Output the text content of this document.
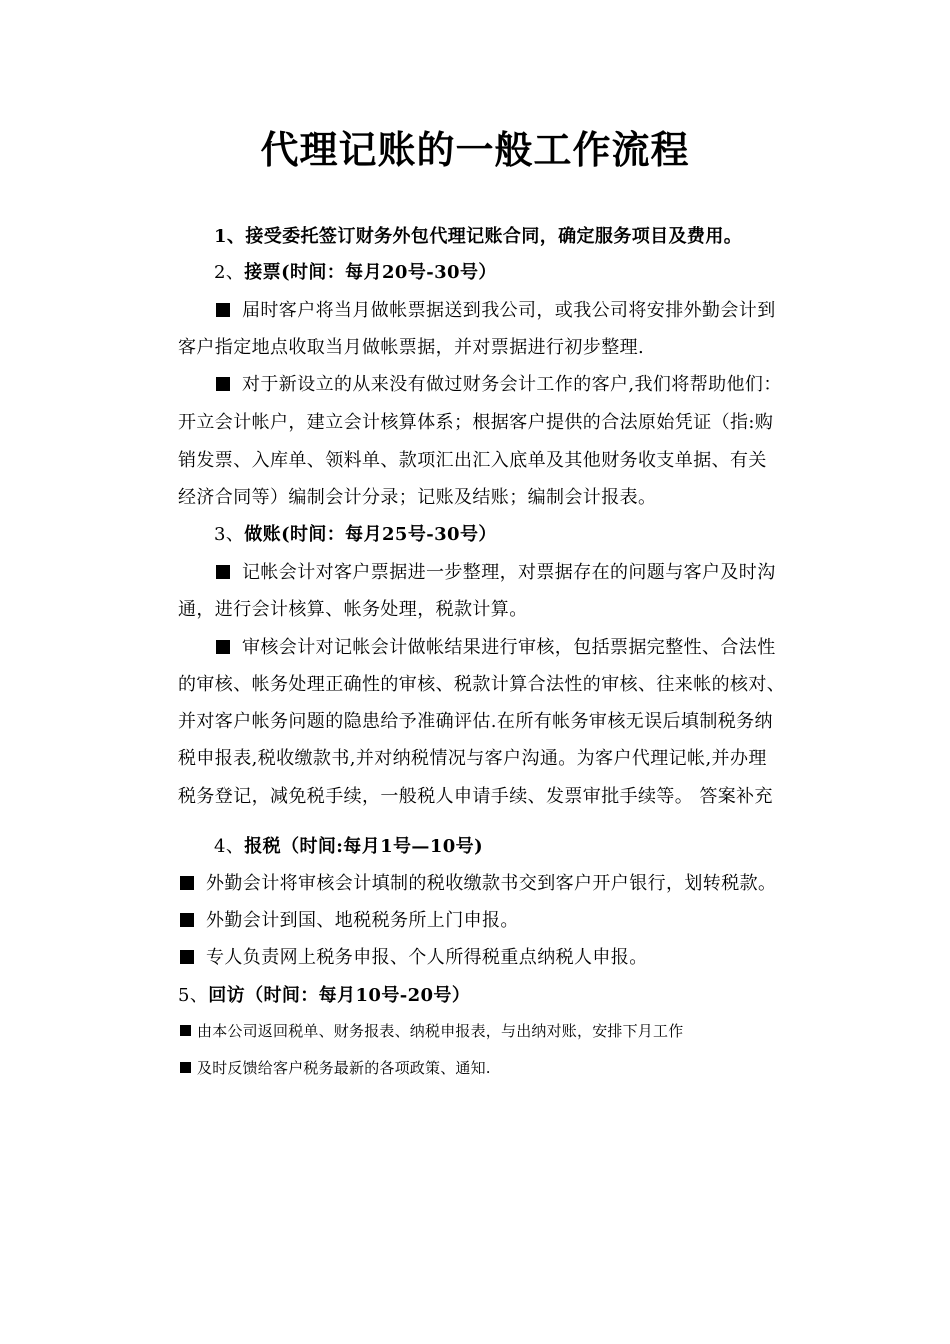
代理记账的一般工作流程
1、接受委托签订财务外包代理记账合同，确定服务项目及费用。
2、接票(时间：每月20号-30号）
届时客户将当月做帐票据送到我公司，或我公司将安排外勤会计到
客户指定地点收取当月做帐票据，并对票据进行初步整理.
对于新设立的从来没有做过财务会计工作的客户,我们将帮助他们：
开立会计帐户，建立会计核算体系；根据客户提供的合法原始凭证（指:购
销发票、入库单、领料单、款项汇出汇入底单及其他财务收支单据、有关
经济合同等）编制会计分录；记账及结账；编制会计报表。
3、做账(时间：每月25号-30号）
记帐会计对客户票据进一步整理，对票据存在的问题与客户及时沟
通，进行会计核算、帐务处理，税款计算。
审核会计对记帐会计做帐结果进行审核，包括票据完整性、合法性
的审核、帐务处理正确性的审核、税款计算合法性的审核、往来帐的核对、
并对客户帐务问题的隐患给予准确评估.在所有帐务审核无误后填制税务纳
税申报表,税收缴款书,并对纳税情况与客户沟通。为客户代理记帐,并办理
税务登记，减免税手续，一般税人申请手续、发票审批手续等。 答案补充
4、报税（时间:每月1号—10号)
外勤会计将审核会计填制的税收缴款书交到客户开户银行，划转税款。
外勤会计到国、地税税务所上门申报。
专人负责网上税务申报、个人所得税重点纳税人申报。
5、回访（时间：每月10号-20号）
由本公司返回税单、财务报表、纳税申报表，与出纳对账，安排下月工作
及时反馈给客户税务最新的各项政策、通知.
